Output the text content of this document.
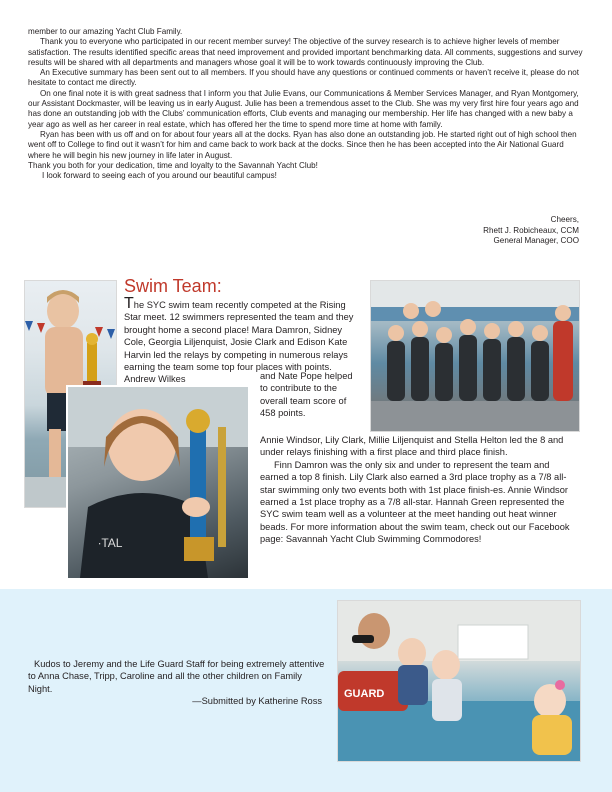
member to our amazing Yacht Club Family.

Thank you to everyone who participated in our recent member survey! The objective of the survey research is to achieve higher levels of member satisfaction. The results identified specific areas that need improvement and provided important benchmarking data. All comments, suggestions and survey results will be shared with all departments and managers whose goal it will be to work towards continuously improving the Club.

An Executive summary has been sent out to all members. If you should have any questions or continued comments or haven’t receive it, please do not hesitate to contact me directly.

On one final note it is with great sadness that I inform you that Julie Evans, our Communications & Member Services Manager, and Ryan Montgomery, our Assistant Dockmaster, will be leaving us in early August. Julie has been a tremendous asset to the Club. She was my very first hire four years ago and has done an outstanding job with the Clubs’ communication efforts, Club events and managing our membership. Her life has changed with a new baby a year ago as well as her career in real estate, which has offered her the time to spend more time at home with family.

Ryan has been with us off and on for about four years all at the docks. Ryan has also done an outstanding job. He started right out of high school then went off to College to find out it wasn’t for him and came back to work back at the docks. Since then he has been accepted into the Air National Guard where he will begin his new journey in life later in August.

Thank you both for your dedication, time and loyalty to the Savannah Yacht Club!

I look forward to seeing each of you around our beautiful campus!

Cheers,
Rhett J. Robicheaux, CCM
General Manager, COO
∙TAL
Swim Team:

The SYC swim team recently competed at the Rising Star meet. 12 swimmers represented the team and they brought home a second place! Mara Damron, Sidney Cole, Georgia Liljenquist, Josie Clark and Edison Kate Harvin led the relays by competing in numerous relays earning the team some top four places with points. Andrew Wilkes	and Nate Pope helped to contribute to the overall team score of 458 points.

Annie Windsor, Lily Clark, Millie Liljenquist and Stella Helton led the 8 and under relays finishing with a first place and third place finish.

Finn Damron was the only six and under to represent the team and earned a top 8 finish. Lily Clark also earned a 3rd place trophy as a 7/8 all-star swimming only two events both with 1st place finish-es. Annie Windsor earned a 1st place trophy as a 7/8 all-star. Hannah Green represented the SYC swim team well as a volunteer at the meet handing out heat winner beads. For more information about the swim team, check out our Facebook page: Savannah Yacht Club Swimming Commodores!

Kudos to Jeremy and the Life Guard Staff for being extremely attentive to Anna Chase, Tripp, Caroline and all the other children on Family Night.

—Submitted by Katherine Ross

GUARD
